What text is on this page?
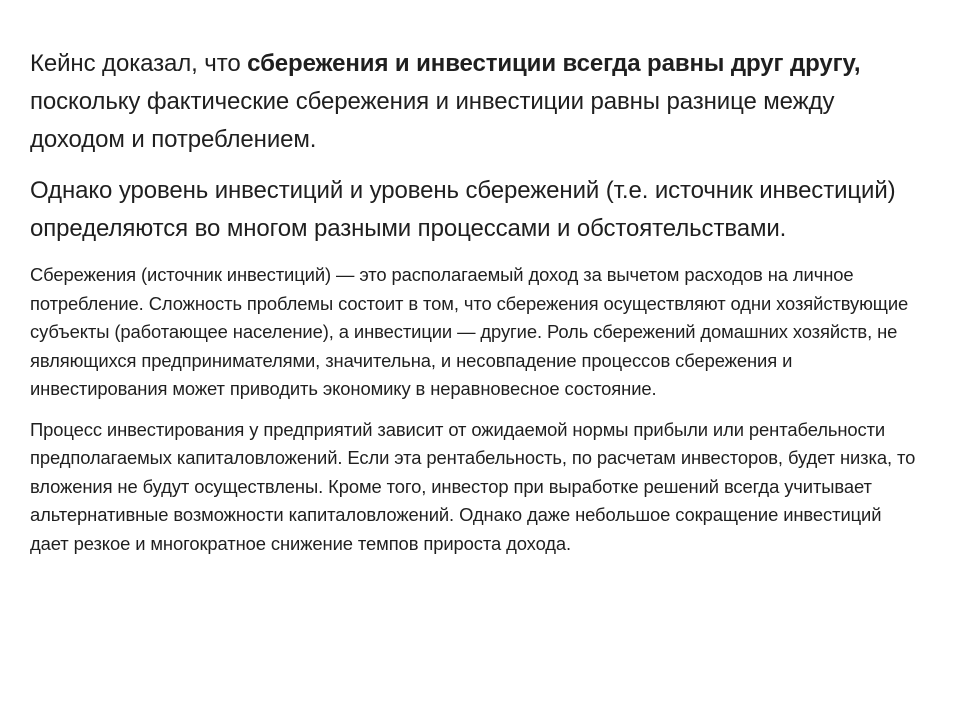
Кейнс доказал, что сбережения и инвестиции всегда равны друг другу, поскольку фактические сбережения и инвестиции равны разнице между доходом и потреблением.

Однако уровень инвестиций и уровень сбережений (т.е. источник инвестиций) определяются во многом разными процессами и обстоятельствами.

Сбережения (источник инвестиций) — это располагаемый доход за вычетом расходов на личное потребление. Сложность проблемы состоит в том, что сбережения осуществляют одни хозяйствующие субъекты (работающее население), а инвестиции — другие. Роль сбережений домашних хозяйств, не являющихся предпринимателями, значительна, и несовпадение процессов сбережения и инвестирования может приводить экономику в неравновесное состояние.

Процесс инвестирования у предприятий зависит от ожидаемой нормы прибыли или рентабельности предполагаемых капиталовложений. Если эта рентабельность, по расчетам инвесторов, будет низка, то вложения не будут осуществлены. Кроме того, инвестор при выработке решений всегда учитывает альтернативные возможности капиталовложений. Однако даже небольшое сокращение инвестиций дает резкое и многократное снижение темпов прироста дохода.
